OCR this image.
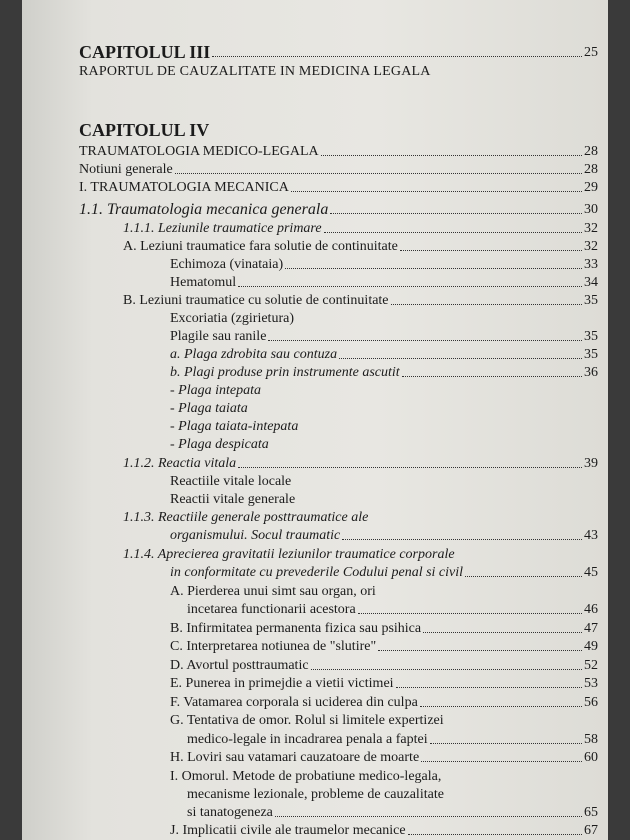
CAPITOLUL III	25
RAPORTUL DE CAUZALITATE IN MEDICINA LEGALA
CAPITOLUL IV
TRAUMATOLOGIA MEDICO-LEGALA	28
Notiuni generale	28
I. TRAUMATOLOGIA MECANICA	29
1.1. Traumatologia mecanica generala	30
1.1.1. Leziunile traumatice primare	32
A. Leziuni traumatice fara solutie de continuitate	32
Echimoza (vinataia)	33
Hematomul	34
B. Leziuni traumatice cu solutie de continuitate	35
Excoriatia (zgirietura)
Plagile sau ranile	35
a. Plaga zdrobita sau contuza	35
b. Plagi produse prin instrumente ascutit	36
- Plaga intepata
- Plaga taiata
- Plaga taiata-intepata
- Plaga despicata
1.1.2. Reactia vitala	39
Reactiile vitale locale
Reactii vitale generale
1.1.3. Reactiile generale posttraumatice ale
organismului. Socul traumatic	43
1.1.4. Aprecierea gravitatii leziunilor traumatice corporale
in conformitate cu prevederile Codului penal si civil	45
A. Pierderea unui simt sau organ, ori
incetarea functionarii acestora	46
B. Infirmitatea permanenta fizica sau psihica	47
C. Interpretarea notiunea de "slutire"	49
D. Avortul posttraumatic	52
E. Punerea in primejdie a vietii victimei	53
F. Vatamarea corporala si uciderea din culpa	56
G. Tentativa de omor. Rolul si limitele expertizei
medico-legale in incadrarea penala a faptei	58
H. Loviri sau vatamari cauzatoare de moarte	60
I. Omorul. Metode de probatiune medico-legala,
mecanisme lezionale, probleme de cauzalitate
si tanatogeneza	65
J. Implicatii civile ale traumelor mecanice	67
